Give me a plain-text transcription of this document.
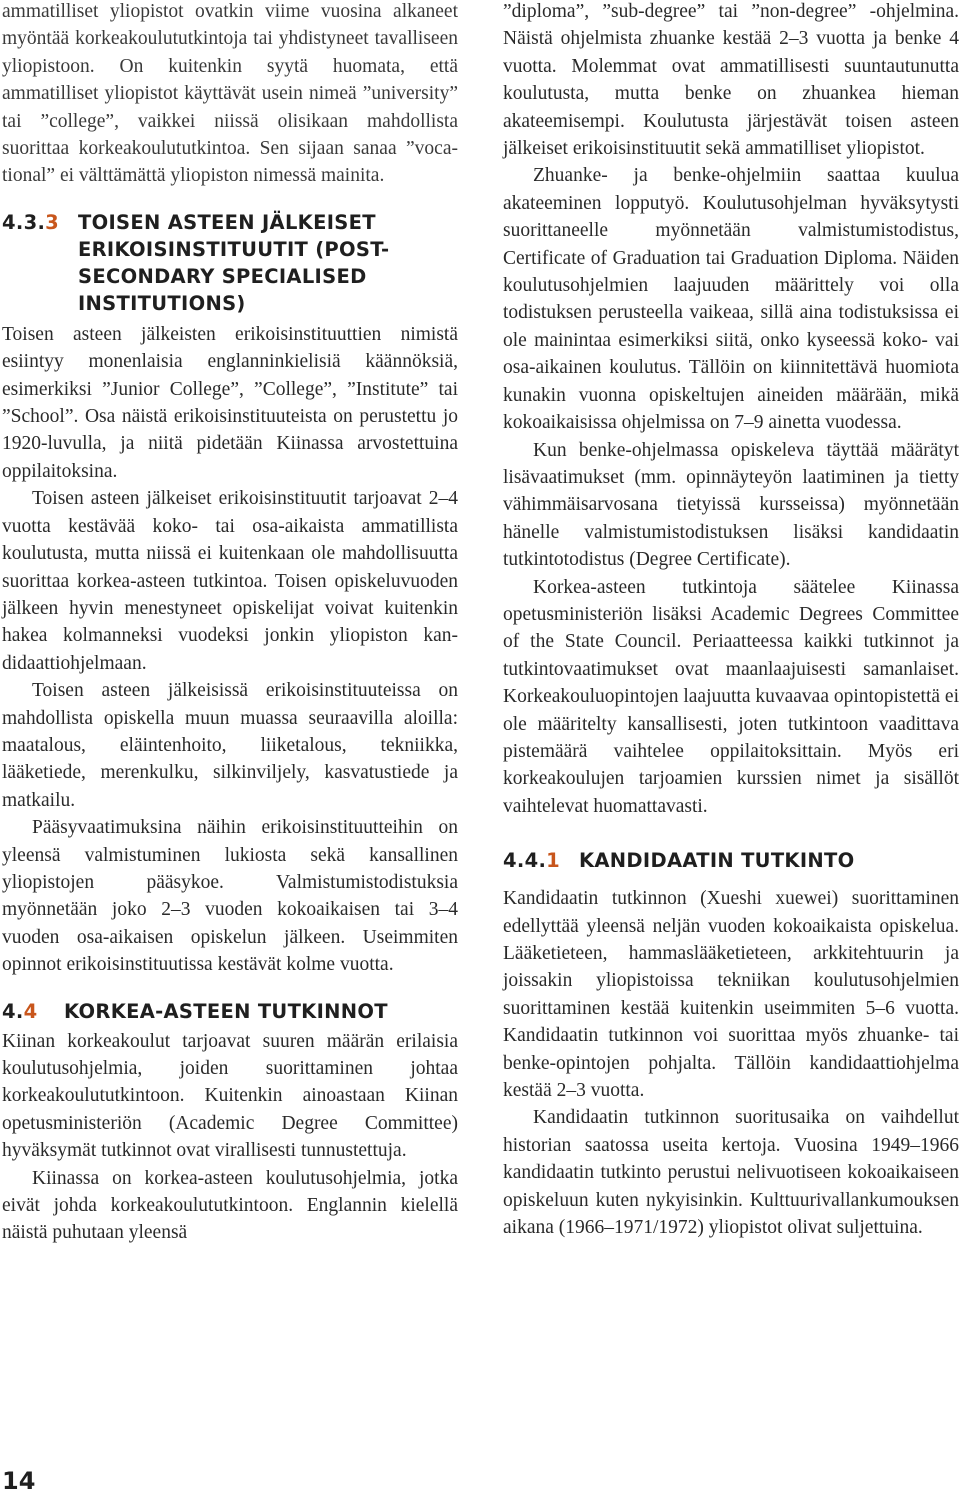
ammatilliset yliopistot ovatkin viime vuosina alkaneet myöntää korkeakoulututkintoja tai yhdistyneet tavalliseen yliopistoon. On kuitenkin syytä huomata, että ammatilliset yliopistot käyttävät usein nimeä ”university” tai ”college”, vaikkei niissä olisikaan mahdollista suorittaa korkeakoulututkintoa. Sen sijaan sanaa ”vocational” ei välttämättä yliopiston nimessä mainita.

4.3.3 TOISEN ASTEEN JÄLKEISET ERIKOISINSTITUUTIT (POST-SECONDARY SPECIALISED INSTITUTIONS)

Toisen asteen jälkeisten erikoisinstituuttien nimistä esiintyy monenlaisia englanninkielisiä käännöksiä, esimerkiksi ”Junior College”, ”College”, ”Institute” tai ”School”. Osa näistä erikoisinstituuteista on perustettu jo 1920-luvulla, ja niitä pidetään Kiinassa arvostettuina oppilaitoksina.

Toisen asteen jälkeiset erikoisinstituutit tarjoavat 2–4 vuotta kestävää koko- tai osa-aikaista ammatillista koulutusta, mutta niissä ei kuitenkaan ole mahdollisuutta suorittaa korkea-asteen tutkintoa. Toisen opiskeluvuoden jälkeen hyvin menestyneet opiskelijat voivat kuitenkin hakea kolmanneksi vuodeksi jonkin yliopiston kandidaattiohjelmaan.

Toisen asteen jälkeisissä erikoisinstituuteissa on mahdollista opiskella muun muassa seuraavilla aloilla: maatalous, eläintenhoito, liiketalous, tekniikka, lääketiede, merenkulku, silkinviljely, kasvatustiede ja matkailu.

Pääsyvaatimuksina näihin erikoisinstituutteihin on yleensä valmistuminen lukiosta sekä kansallinen yliopistojen pääsykoe. Valmistumistodistuksia myönnetään joko 2–3 vuoden kokoaikaisen tai 3–4 vuoden osa-aikaisen opiskelun jälkeen. Useimmiten opinnot erikoisinstituutissa kestävät kolme vuotta.

4.4	KORKEA-ASTEEN TUTKINNOT

Kiinan korkeakoulut tarjoavat suuren määrän erilaisia koulutusohjelmia, joiden suorittaminen johtaa korkeakoulututkintoon. Kuitenkin ainoastaan Kiinan opetusministeriön (Academic Degree Committee) hyväksymät tutkinnot ovat virallisesti tunnustettuja.

Kiinassa on korkea-asteen koulutusohjelmia, jotka eivät johda korkeakoulututkintoon. Englannin kielellä näistä puhutaan yleensä

”diploma”, ”sub-degree” tai ”non-degree” -ohjelmina. Näistä ohjelmista zhuanke kestää 2–3 vuotta ja benke 4 vuotta. Molemmat ovat ammatillisesti suuntautunutta koulutusta, mutta benke on zhuankea hieman akateemisempi. Koulutusta järjestävät toisen asteen jälkeiset erikoisinstituutit sekä ammatilliset yliopistot.

Zhuanke- ja benke-ohjelmiin saattaa kuulua akateeminen lopputyö. Koulutusohjelman hyväksytysti suorittaneelle myönnetään valmistumistodistus, Certificate of Graduation tai Graduation Diploma. Näiden koulutusohjelmien laajuuden määrittely voi olla todistuksen perusteella vaikeaa, sillä aina todistuksissa ei ole mainintaa esimerkiksi siitä, onko kyseessä koko- vai osa-aikainen koulutus. Tällöin on kiinnitettävä huomiota kunakin vuonna opiskeltujen aineiden määrään, mikä kokoaikaisissa ohjelmissa on 7–9 ainetta vuodessa.

Kun benke-ohjelmassa opiskeleva täyttää määrätyt lisävaatimukset (mm. opinnäyteyön laatiminen ja tietty vähimmäisarvosana tietyissä kursseissa) myönnetään hänelle valmistumistodistuksen lisäksi kandidaatin tutkintotodistus (Degree Certificate).

Korkea-asteen tutkintoja säätelee Kiinassa opetusministeriön lisäksi Academic Degrees Committee of the State Council. Periaatteessa kaikki tutkinnot ja tutkintovaatimukset ovat maanlaajuisesti samanlaiset. Korkeakouluopintojen laajuutta kuvaavaa opintopistettä ei ole määritelty kansallisesti, joten tutkintoon vaadittava pistemäärä vaihtelee oppilaitoksittain. Myös eri korkeakoulujen tarjoamien kurssien nimet ja sisällöt vaihtelevat huomattavasti.

4.4.1 KANDIDAATIN TUTKINTO

Kandidaatin tutkinnon (Xueshi xuewei) suorittaminen edellyttää yleensä neljän vuoden kokoaikaista opiskelua. Lääketieteen, hammaslääketieteen, arkkitehtuurin ja joissakin yliopistoissa tekniikan koulutusohjelmien suorittaminen kestää kuitenkin useimmiten 5–6 vuotta. Kandidaatin tutkinnon voi suorittaa myös zhuanke- tai benke-opintojen pohjalta. Tällöin kandidaattiohjelma kestää 2–3 vuotta.

Kandidaatin tutkinnon suoritusaika on vaihdellut historian saatossa useita kertoja. Vuosina 1949–1966 kandidaatin tutkinto perustui nelivuotiseen kokoaikaiseen opiskeluun kuten nykyisinkin. Kulttuurivallankumouksen aikana (1966–1971/1972) yliopistot olivat suljettuina.

14
